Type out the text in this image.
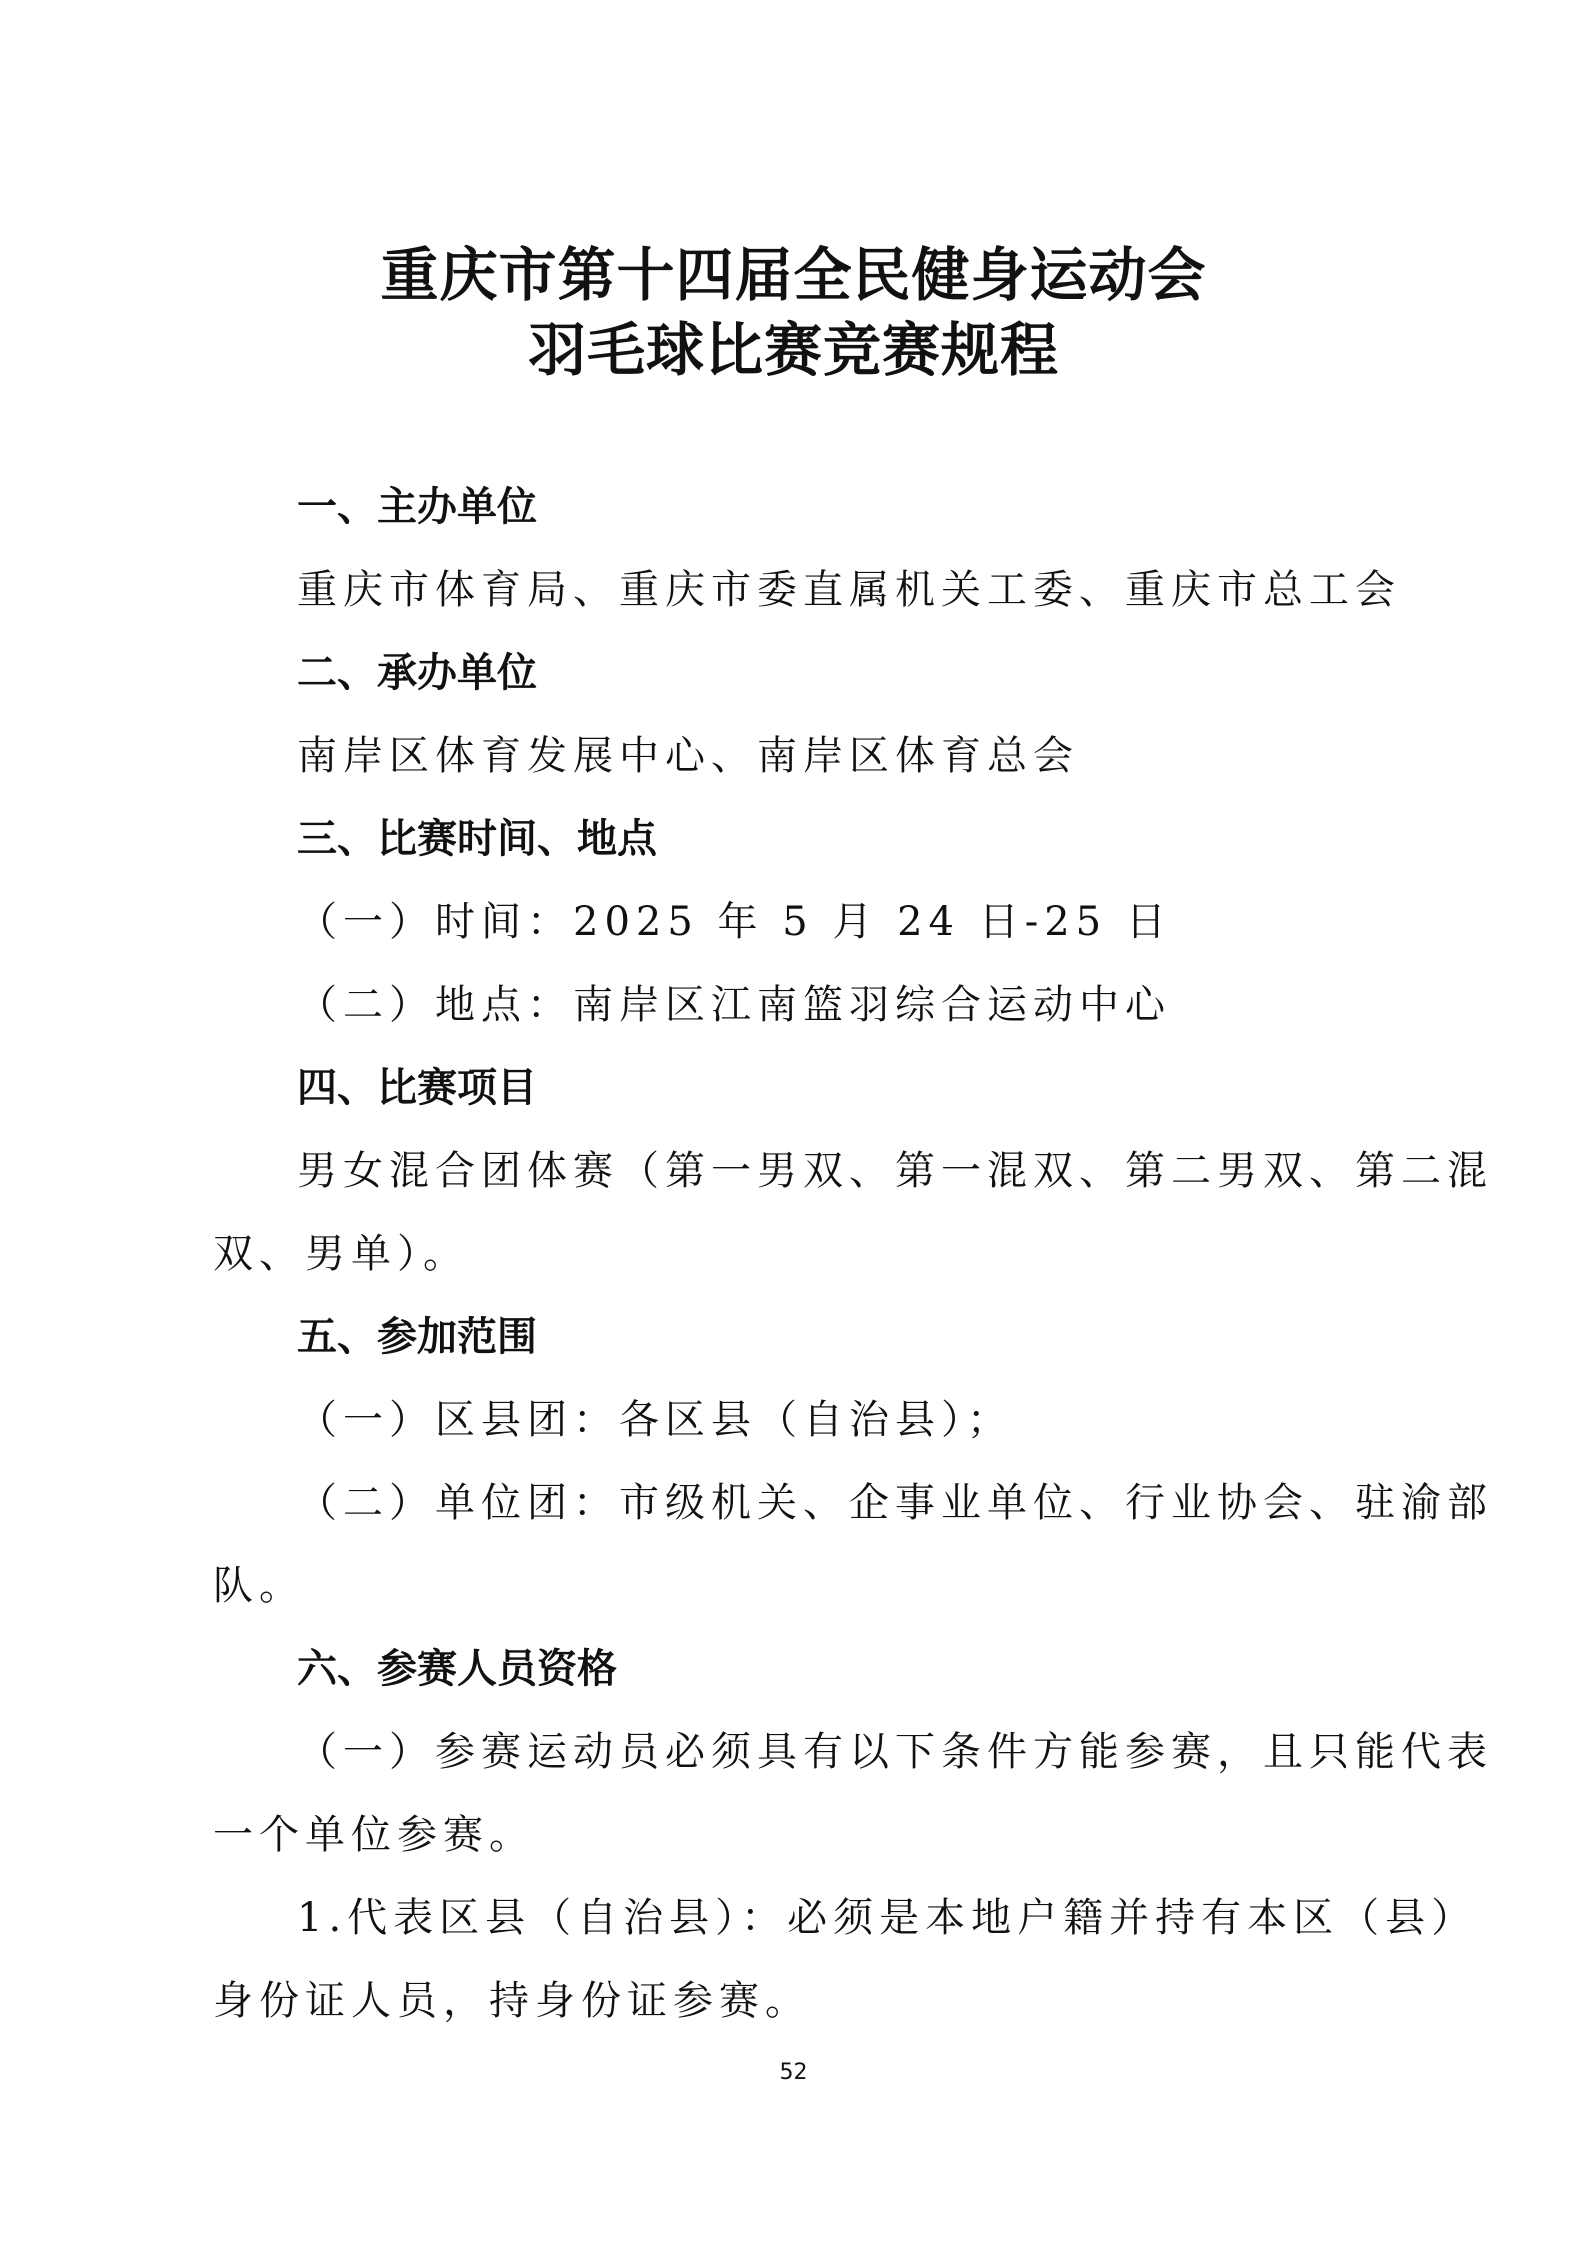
重庆市第十四届全民健身运动会
羽毛球比赛竞赛规程
一、主办单位
重庆市体育局、重庆市委直属机关工委、重庆市总工会
二、承办单位
南岸区体育发展中心、南岸区体育总会
三、比赛时间、地点
（一）时间：2025 年 5 月 24 日-25 日
（二）地点：南岸区江南篮羽综合运动中心
四、比赛项目
男女混合团体赛（第一男双、第一混双、第二男双、第二混
双、男单）。
五、参加范围
（一）区县团：各区县（自治县）；
（二）单位团：市级机关、企事业单位、行业协会、驻渝部
队。
六、参赛人员资格
（一）参赛运动员必须具有以下条件方能参赛，且只能代表
一个单位参赛。
1.代表区县（自治县）：必须是本地户籍并持有本区（县）
身份证人员，持身份证参赛。
52
